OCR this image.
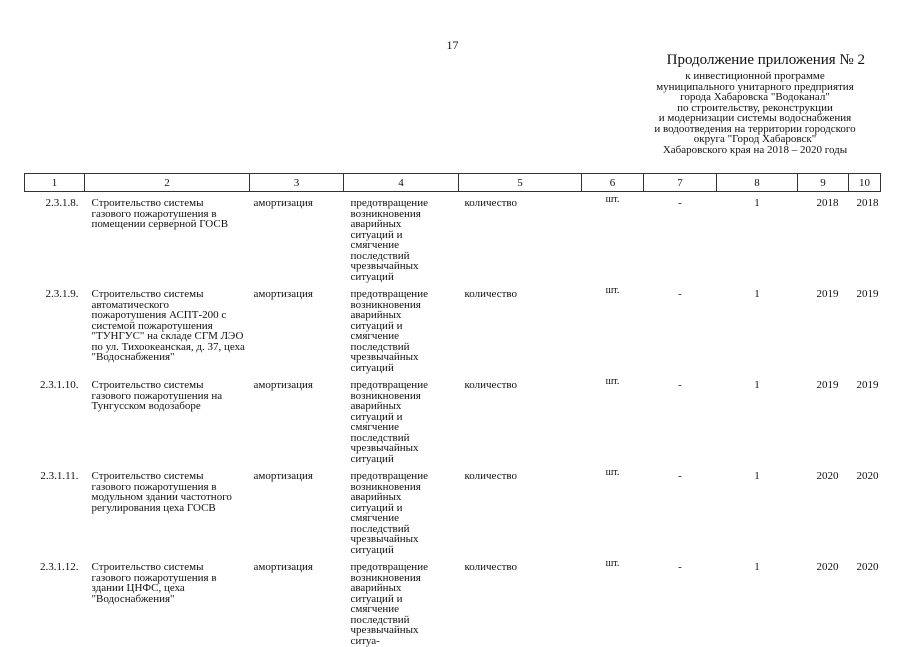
17
Продолжение приложения № 2
к инвестиционной программе
муниципального унитарного предприятия
города Хабаровска "Водоканал"
по строительству, реконструкции
и модернизации системы водоснабжения
и водоотведения на территории городского
округа "Город Хабаровск"
Хабаровского края на 2018 – 2020 годы
1	2	3	4	5	6	7	8	9	10
2.3.1.8.	Строительство системы газового пожаротушения в помещении серверной ГОСВ	амортизация	предотвращение возникновения аварийных ситуаций и смягчение последствий чрезвычайных ситуаций	количество	шт.	-	1	2018	2018
2.3.1.9.	Строительство системы автоматического пожаротушения АСПТ-200 с системой пожаротушения "ТУНГУС" на складе СГМ ЛЭО по ул. Тихоокеанская, д. 37, цеха "Водоснабжения"	амортизация	предотвращение возникновения аварийных ситуаций и смягчение последствий чрезвычайных ситуаций	количество	шт.	-	1	2019	2019
2.3.1.10.	Строительство системы газового пожаротушения на Тунгусском водозаборе	амортизация	предотвращение возникновения аварийных ситуаций и смягчение последствий чрезвычайных ситуаций	количество	шт.	-	1	2019	2019
2.3.1.11.	Строительство системы газового пожаротушения в модульном здании частотного регулирования цеха ГОСВ	амортизация	предотвращение возникновения аварийных ситуаций и смягчение последствий чрезвычайных ситуаций	количество	шт.	-	1	2020	2020
2.3.1.12.	Строительство системы газового пожаротушения в здании ЦНФС, цеха "Водоснабжения"	амортизация	предотвращение возникновения аварийных ситуаций и смягчение последствий чрезвычайных ситуа-	количество	шт.	-	1	2020	2020
